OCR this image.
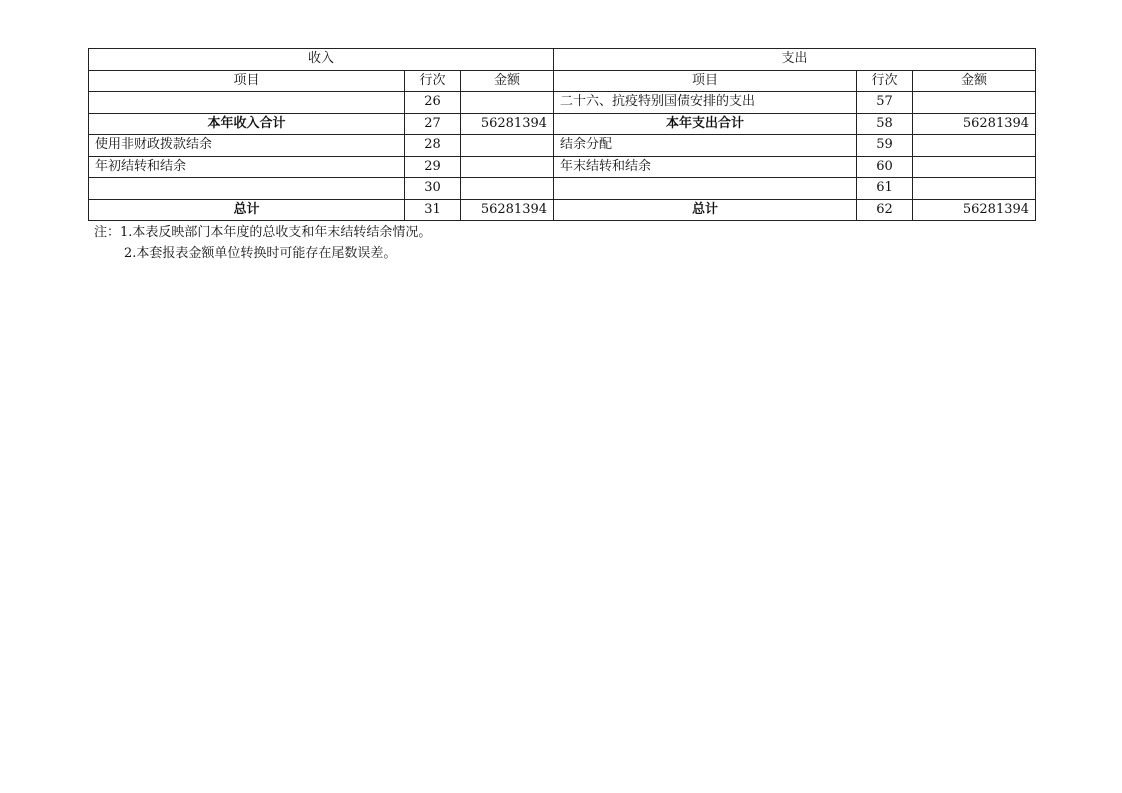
收入			支出		
项目	行次	金额	项目	行次	金额
	26		二十六、抗疫特别国债安排的支出	57	
本年收入合计	27	56281394	本年支出合计	58	56281394
使用非财政拨款结余	28		结余分配	59	
年初结转和结余	29		年末结转和结余	60	
	30			61	
总计	31	56281394	总计	62	56281394
注：1.本表反映部门本年度的总收支和年末结转结余情况。
2.本套报表金额单位转换时可能存在尾数误差。
